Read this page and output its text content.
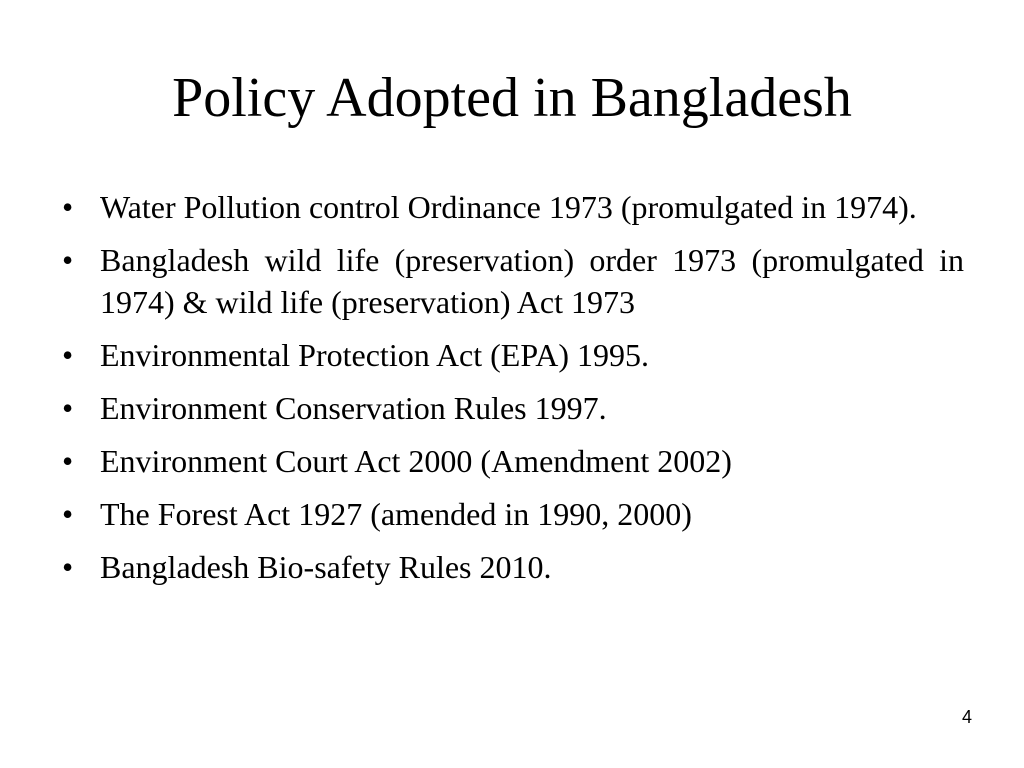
Policy Adopted in Bangladesh
• Water Pollution control Ordinance 1973 (promulgated in 1974).
• Bangladesh wild life (preservation) order 1973 (promulgated in 1974) & wild life (preservation) Act 1973
• Environmental Protection Act (EPA) 1995.
• Environment Conservation Rules 1997.
• Environment Court Act 2000 (Amendment 2002)
• The Forest Act 1927 (amended in 1990, 2000)
• Bangladesh Bio-safety Rules 2010.
4
